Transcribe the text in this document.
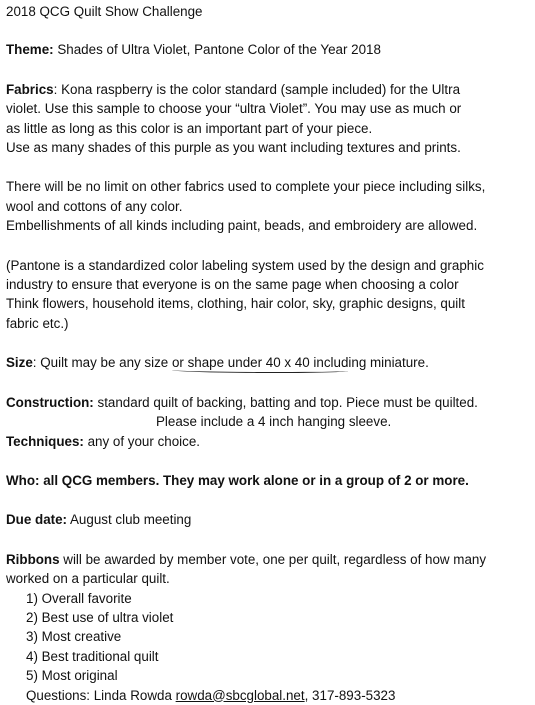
2018 QCG Quilt Show Challenge

Theme: Shades of Ultra Violet, Pantone Color of the Year 2018

Fabrics: Kona raspberry is the color standard (sample included) for the Ultra

violet. Use this sample to choose your “ultra Violet”. You may use as much or

as little as long as this color is an important part of your piece.

Use as many shades of this purple as you want including textures and prints.

There will be no limit on other fabrics used to complete your piece including silks,

wool and cottons of any color.

Embellishments of all kinds including paint, beads, and embroidery are allowed.

(Pantone is a standardized color labeling system used by the design and graphic

industry to ensure that everyone is on the same page when choosing a color

Think flowers, household items, clothing, hair color, sky, graphic designs, quilt

fabric etc.)

Size: Quilt may be any size or shape under 40 x 40 includ
ing miniature.

Construction: standard quilt of backing, batting and top. Piece must be quilted.

Please include a 4 inch hanging sleeve.

Techniques: any of your choice.

Who: all QCG members. They may work alone or in a group of 2 or more.

Due date: August club meeting

Ribbons will be awarded by member vote, one per quilt, regardless of how many

worked on a particular quilt.

1) Overall favorite
2) Best use of ultra violet
3) Most creative
4) Best traditional quilt
5) Most original

Questions: Linda Rowda rowda@sbcglobal.net, 317-893-5323
